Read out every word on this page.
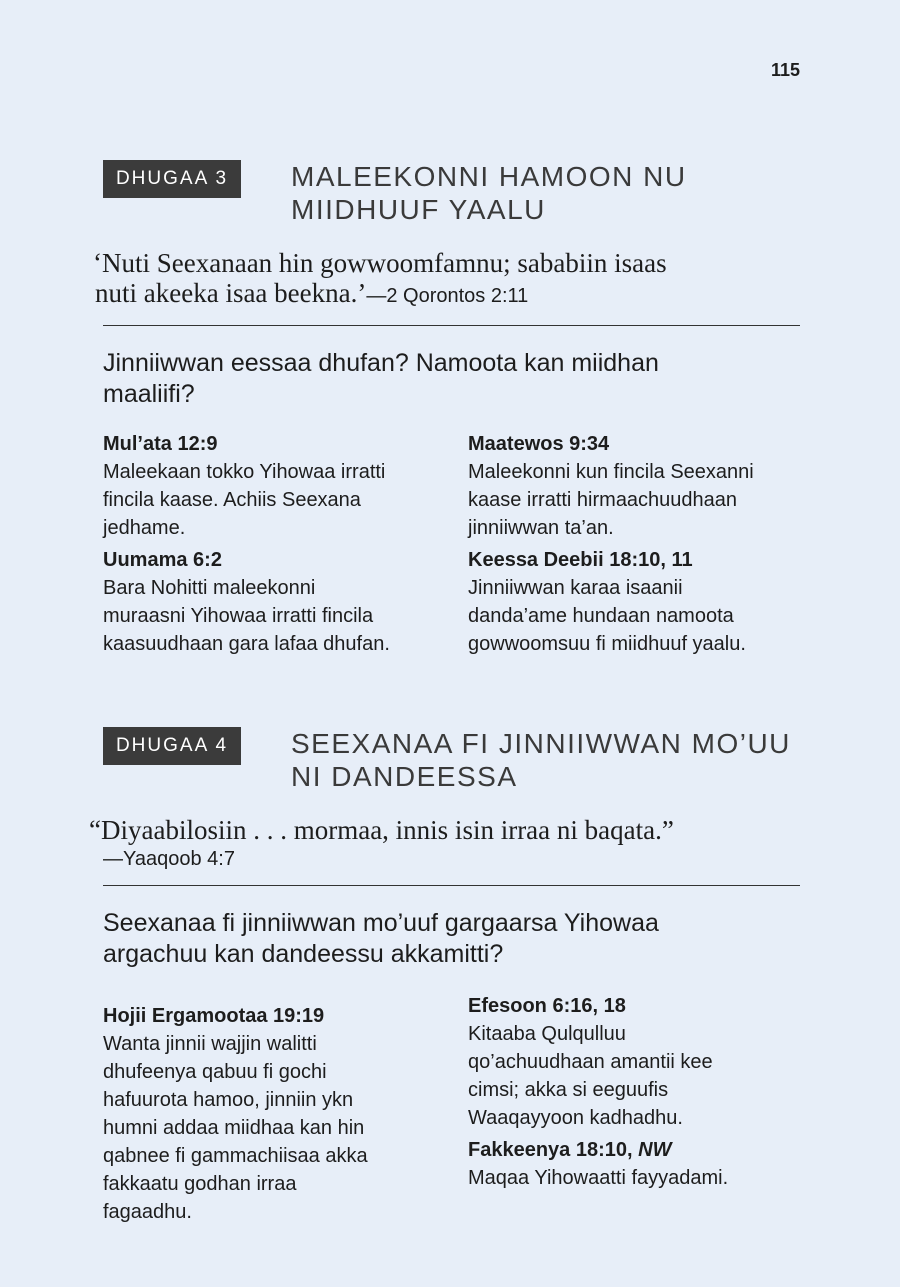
115
DHUGAA 3	MALEEKONNI HAMOON NU
MIIDHUUF YAALU
‘Nuti Seexanaan hin gowwoomfamnu; sababiin isaas
nuti akeeka isaa beekna.’—2 Qorontos 2:11
Jinniiwwan eessaa dhufan? Namoota kan miidhan
maaliifi?
Mul’ata 12:9
Maleekaan tokko Yihowaa irratti
fincila kaase. Achiis Seexana
jedhame.
Uumama 6:2
Bara Nohitti maleekonni
muraasni Yihowaa irratti fincila
kaasuudhaan gara lafaa dhufan.
Maatewos 9:34
Maleekonni kun fincila Seexanni
kaase irratti hirmaachuudhaan
jinniiwwan ta’an.
Keessa Deebii 18:10, 11
Jinniiwwan karaa isaanii
danda’ame hundaan namoota
gowwoomsuu fi miidhuuf yaalu.
DHUGAA 4	SEEXANAA FI JINNIIWWAN MO’UU
NI DANDEESSA
“Diyaabilosiin . . . mormaa, innis isin irraa ni baqata.”
—Yaaqoob 4:7
Seexanaa fi jinniiwwan mo’uuf gargaarsa Yihowaa
argachuu kan dandeessu akkamitti?
Hojii Ergamootaa 19:19
Wanta jinnii wajjin walitti
dhufeenya qabuu fi gochi
hafuurota hamoo, jinniin ykn
humni addaa miidhaa kan hin
qabnee fi gammachiisaa akka
fakkaatu godhan irraa
fagaadhu.
Efesoon 6:16, 18
Kitaaba Qulqulluu
qo’achuudhaan amantii kee
cimsi; akka si eeguufis
Waaqayyoon kadhadhu.
Fakkeenya 18:10, NW
Maqaa Yihowaatti fayyadami.
